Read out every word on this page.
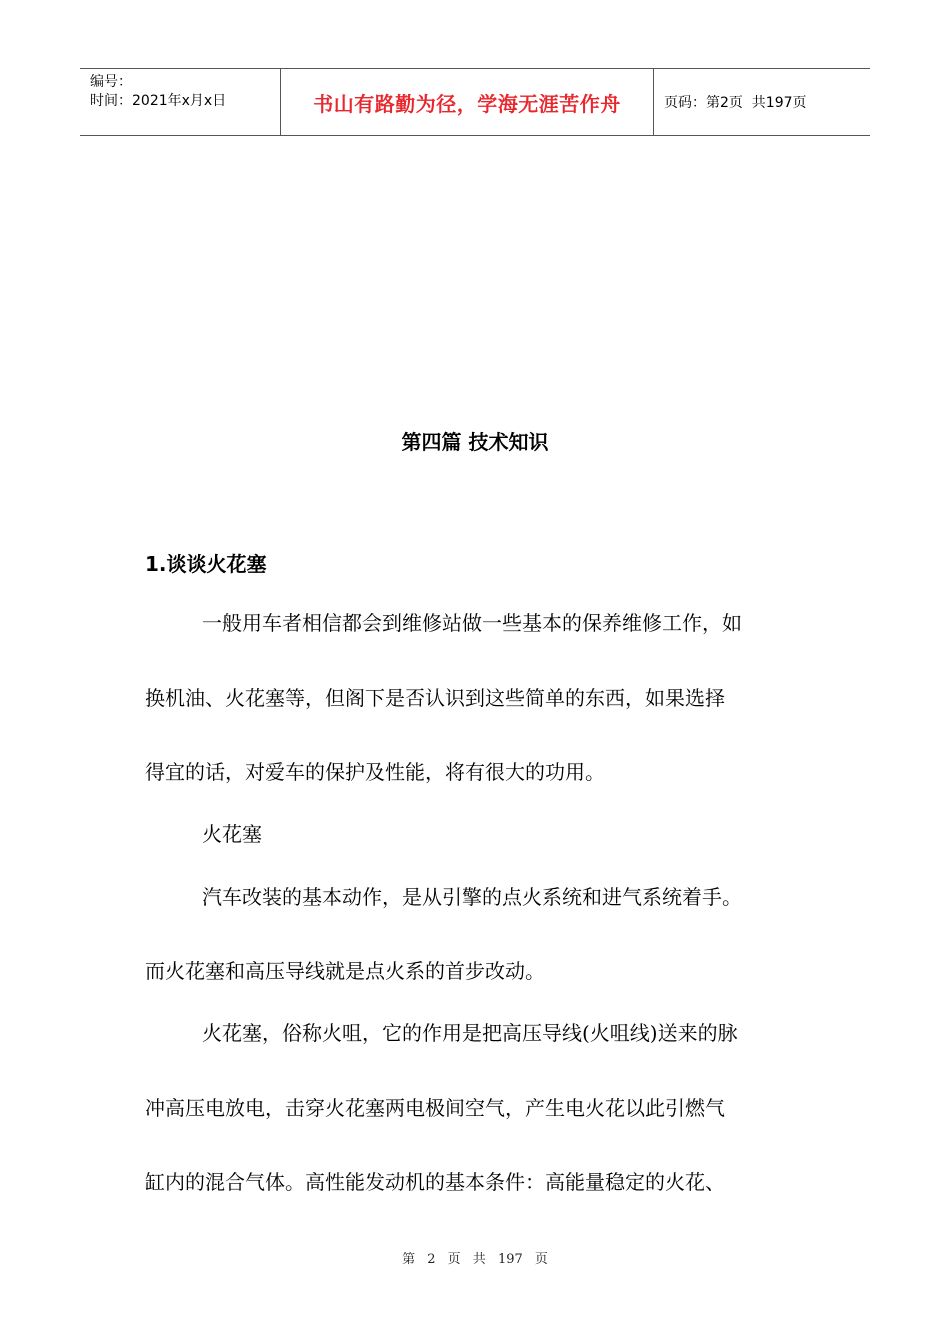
编号：
时间：2021年x月x日	书山有路勤为径，学海无涯苦作舟	页码：第2页  共197页
第四篇 技术知识
1.谈谈火花塞
一般用车者相信都会到维修站做一些基本的保养维修工作，如
换机油、火花塞等，但阁下是否认识到这些简单的东西，如果选择
得宜的话，对爱车的保护及性能，将有很大的功用。
火花塞
汽车改装的基本动作，是从引擎的点火系统和进气系统着手。
而火花塞和高压导线就是点火系的首步改动。
火花塞，俗称火咀，它的作用是把高压导线(火咀线)送来的脉
冲高压电放电，击穿火花塞两电极间空气，产生电火花以此引燃气
缸内的混合气体。高性能发动机的基本条件：高能量稳定的火花、
第 2 页 共 197 页
